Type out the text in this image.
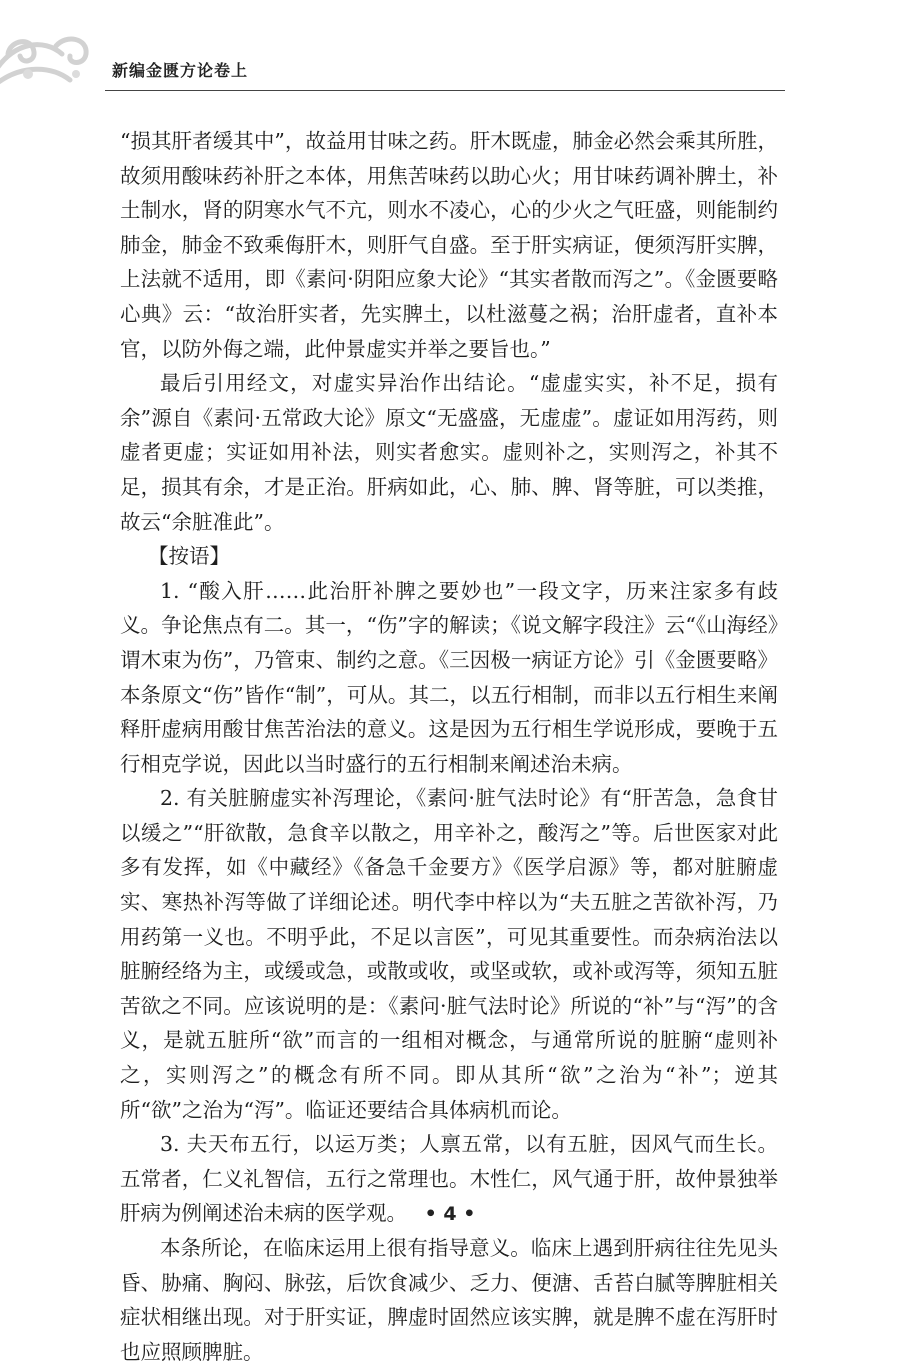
新编金匮方论卷上

“损其肝者缓其中”，故益用甘味之药。肝木既虚，肺金必然会乘其所胜，故须用酸味药补肝之本体，用焦苦味药以助心火；用甘味药调补脾土，补土制水，肾的阴寒水气不亢，则水不凌心，心的少火之气旺盛，则能制约肺金，肺金不致乘侮肝木，则肝气自盛。至于肝实病证，便须泻肝实脾，上法就不适用，即《素问·阴阳应象大论》“其实者散而泻之”。《金匮要略心典》云：“故治肝实者，先实脾土，以杜滋蔓之祸；治肝虚者，直补本官，以防外侮之端，此仲景虚实并举之要旨也。”

最后引用经文，对虚实异治作出结论。“虚虚实实，补不足，损有余”源自《素问·五常政大论》原文“无盛盛，无虚虚”。虚证如用泻药，则虚者更虚；实证如用补法，则实者愈实。虚则补之，实则泻之，补其不足，损其有余，才是正治。肝病如此，心、肺、脾、肾等脏，可以类推，故云“余脏准此”。

【按语】

1. “酸入肝……此治肝补脾之要妙也”一段文字，历来注家多有歧义。争论焦点有二。其一，“伤”字的解读；《说文解字段注》云“《山海经》谓木束为伤”，乃管束、制约之意。《三因极一病证方论》引《金匮要略》本条原文“伤”皆作“制”，可从。其二，以五行相制，而非以五行相生来阐释肝虚病用酸甘焦苦治法的意义。这是因为五行相生学说形成，要晚于五行相克学说，因此以当时盛行的五行相制来阐述治未病。

2. 有关脏腑虚实补泻理论，《素问·脏气法时论》有“肝苦急，急食甘以缓之”“肝欲散，急食辛以散之，用辛补之，酸泻之”等。后世医家对此多有发挥，如《中藏经》《备急千金要方》《医学启源》等，都对脏腑虚实、寒热补泻等做了详细论述。明代李中梓以为“夫五脏之苦欲补泻，乃用药第一义也。不明乎此，不足以言医”，可见其重要性。而杂病治法以脏腑经络为主，或缓或急，或散或收，或坚或软，或补或泻等，须知五脏苦欲之不同。应该说明的是：《素问·脏气法时论》所说的“补”与“泻”的含义，是就五脏所“欲”而言的一组相对概念，与通常所说的脏腑“虚则补之，实则泻之”的概念有所不同。即从其所“欲”之治为“补”；逆其所“欲”之治为“泻”。临证还要结合具体病机而论。

3. 夫天布五行，以运万类；人禀五常，以有五脏，因风气而生长。五常者，仁义礼智信，五行之常理也。木性仁，风气通于肝，故仲景独举肝病为例阐述治未病的医学观。

本条所论，在临床运用上很有指导意义。临床上遇到肝病往往先见头昏、胁痛、胸闷、脉弦，后饮食减少、乏力、便溏、舌苔白腻等脾脏相关症状相继出现。对于肝实证，脾虚时固然应该实脾，就是脾不虚在泻肝时也应照顾脾脏。

• 4 •
